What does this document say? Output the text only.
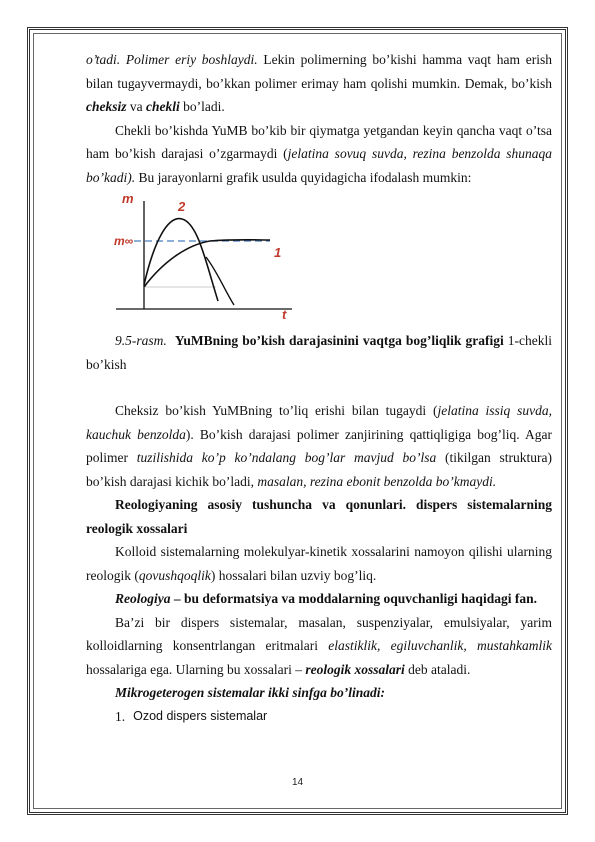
o’tadi. Polimer eriy boshlaydi. Lekin polimerning bo’kishi hamma vaqt ham erish bilan tugayvermaydi, bo’kkan polimer erimay ham qolishi mumkin. Demak, bo’kish cheksiz va chekli bo’ladi.

Chekli bo’kishda YuMB bo’kib bir qiymatga yetgandan keyin qancha vaqt o’tsa ham bo’kish darajasi o’zgarmaydi (jelatina sovuq suvda, rezina benzolda shunaqa bo’kadi). Bu jarayonlarni grafik usulda quyidagicha ifodalash mumkin:

m
m∞
2
1
t

9.5-rasm. YuMBning bo’kish darajasinini vaqtga bog’liqlik grafigi 1-chekli bo’kish

Cheksiz bo’kish YuMBning to’liq erishi bilan tugaydi (jelatina issiq suvda, kauchuk benzolda). Bo’kish darajasi polimer zanjirining qattiqligiga bog’liq. Agar polimer tuzilishida ko’p ko’ndalang bog’lar mavjud bo’lsa (tikilgan struktura) bo’kish darajasi kichik bo’ladi, masalan, rezina ebonit benzolda bo’kmaydi.

Reologiyaning asosiy tushuncha va qonunlari. dispers sistemalarning reologik xossalari

Kolloid sistemalarning molekulyar-kinetik xossalarini namoyon qilishi ularning reologik (qovushqoqlik) hossalari bilan uzviy bog’liq.

Reologiya – bu deformatsiya va moddalarning oquvchanligi haqidagi fan.

Ba’zi bir dispers sistemalar, masalan, suspenziyalar, emulsiyalar, yarim kolloidlarning konsentrlangan eritmalari elastiklik, egiluvchanlik, mustahkamlik hossalariga ega. Ularning bu xossalari – reologik xossalari deb ataladi.

Mikrogeterogen sistemalar ikki sinfga bo’linadi:

1. Ozod dispers sistemalar
14
